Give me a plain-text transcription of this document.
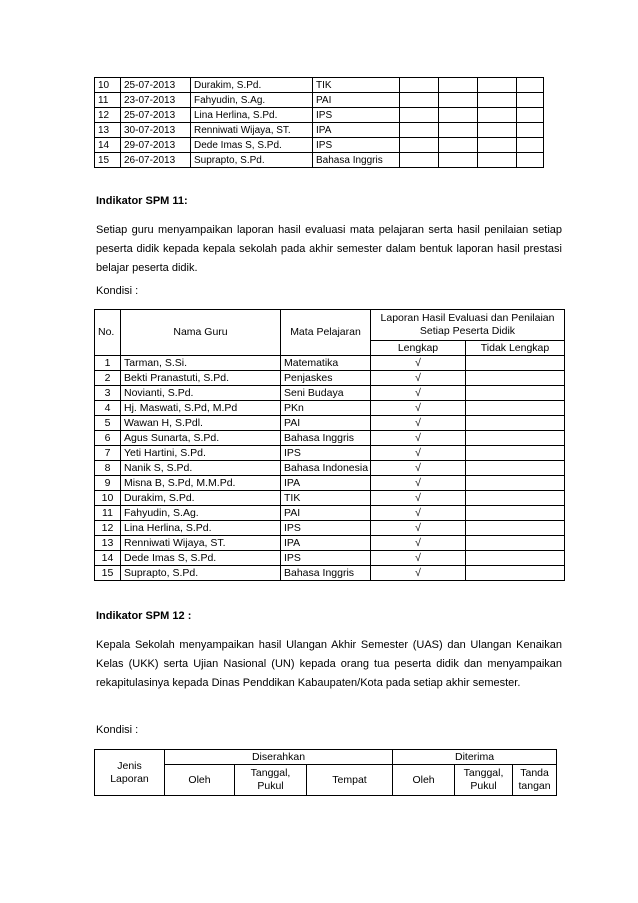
10	25-07-2013	Durakim, S.Pd.	TIK				
11	23-07-2013	Fahyudin, S.Ag.	PAI				
12	25-07-2013	Lina Herlina, S.Pd.	IPS				
13	30-07-2013	Renniwati Wijaya, ST.	IPA				
14	29-07-2013	Dede Imas S, S.Pd.	IPS				
15	26-07-2013	Suprapto, S.Pd.	Bahasa Inggris				
Indikator SPM 11:
Setiap guru menyampaikan laporan hasil evaluasi mata pelajaran serta hasil penilaian setiap peserta didik kepada kepala sekolah pada akhir semester dalam bentuk laporan hasil prestasi belajar peserta didik.
Kondisi :
No.	Nama Guru	Mata Pelajaran	Laporan Hasil Evaluasi dan Penilaian Setiap Peserta Didik	
			Lengkap	Tidak Lengkap
1	Tarman, S.Si.	Matematika	√	
2	Bekti Pranastuti, S.Pd.	Penjaskes	√	
3	Novianti, S.Pd.	Seni Budaya	√	
4	Hj. Maswati, S.Pd, M.Pd	PKn	√	
5	Wawan H, S.Pdl.	PAI	√	
6	Agus Sunarta, S.Pd.	Bahasa Inggris	√	
7	Yeti Hartini, S.Pd.	IPS	√	
8	Nanik S, S.Pd.	Bahasa Indonesia	√	
9	Misna B, S.Pd, M.M.Pd.	IPA	√	
10	Durakim, S.Pd.	TIK	√	
11	Fahyudin, S.Ag.	PAI	√	
12	Lina Herlina, S.Pd.	IPS	√	
13	Renniwati Wijaya, ST.	IPA	√	
14	Dede Imas S, S.Pd.	IPS	√	
15	Suprapto, S.Pd.	Bahasa Inggris	√	
Indikator SPM 12 :
Kepala Sekolah menyampaikan hasil Ulangan Akhir Semester (UAS) dan Ulangan Kenaikan Kelas (UKK) serta Ujian Nasional (UN) kepada orang tua peserta didik dan menyampaikan rekapitulasinya kepada Dinas Penddikan Kabaupaten/Kota pada setiap akhir semester.
Kondisi :
Jenis Laporan	Diserahkan			Diterima		
	Oleh	Tanggal, Pukul	Tempat	Oleh	Tanggal, Pukul	Tanda tangan
